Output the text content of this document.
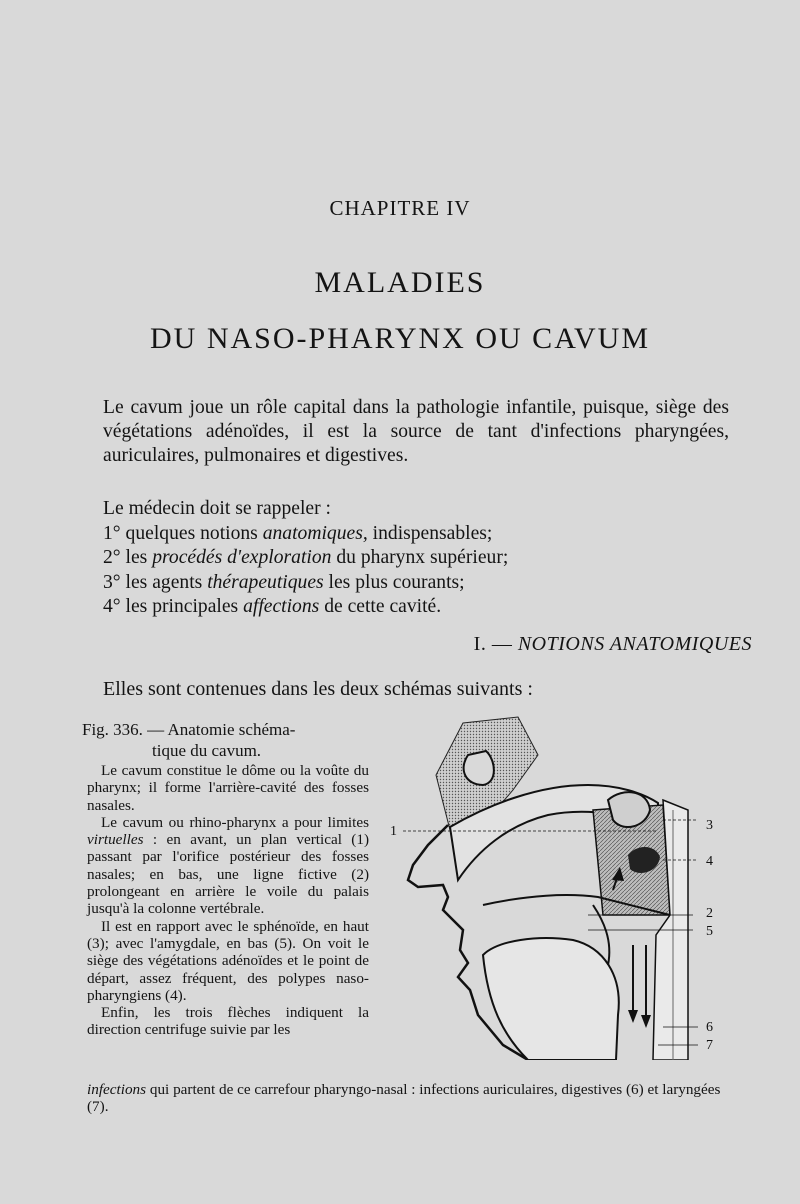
CHAPITRE IV
MALADIES
DU NASO-PHARYNX OU CAVUM

Le cavum joue un rôle capital dans la pathologie infantile, puisque, siège des végétations adénoïdes, il est la source de tant d'infections pharyngées, auriculaires, pulmonaires et digestives.

Le médecin doit se rappeler :
1° quelques notions anatomiques, indispensables;
2° les procédés d'exploration du pharynx supérieur;
3° les agents thérapeutiques les plus courants;
4° les principales affections de cette cavité.
I. — NOTIONS ANATOMIQUES
Elles sont contenues dans les deux schémas suivants :
Fig. 336. — Anatomie schéma-
tique du cavum.

Le cavum constitue le dôme ou la voûte du pharynx; il forme l'arrière-cavité des fosses nasales.

Le cavum ou rhino-pharynx a pour limites virtuelles : en avant, un plan vertical (1) passant par l'orifice postérieur des fosses nasales; en bas, une ligne fictive (2) prolongeant en arrière le voile du palais jusqu'à la colonne vertébrale.

Il est en rapport avec le sphénoïde, en haut (3); avec l'amygdale, en bas (5). On voit le siège des végétations adénoïdes et le point de départ, assez fréquent, des polypes naso-pharyngiens (4).

Enfin, les trois flèches indiquent la direction centrifuge suivie par les

infections qui partent de ce carrefour pharyngo-nasal : infections auriculaires, digestives (6) et laryngées (7).
1	3
4
2
5
6
7
